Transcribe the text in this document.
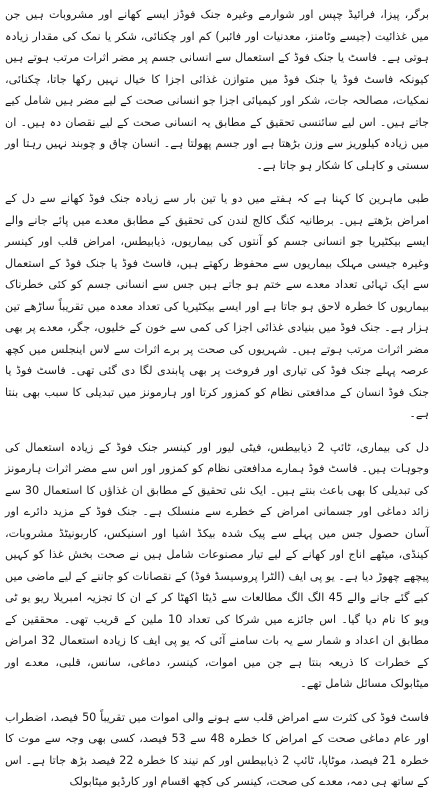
برگر، پیزا، فرائیڈ چپس اور شوارمے وغیرہ جنک فوڈز ایسے کھانے اور مشروبات ہیں جن میں غذائیت (جیسے وٹامنز، معدنیات اور فائبر) کم اور چکنائی، شکر یا نمک کی مقدار زیادہ ہوتی ہے۔ فاسٹ یا جنک فوڈ کے استعمال سے انسانی جسم پر مضر اثرات مرتب ہوتے ہیں کیونکہ فاسٹ فوڈ یا جنک فوڈ میں متوازن غذائی اجزا کا خیال نہیں رکھا جاتا، چکنائی، نمکیات، مصالحہ جات، شکر اور کیمیائی اجزا جو انسانی صحت کے لیے مضر ہیں شامل کیے جاتے ہیں۔ اس لیے سائنسی تحقیق کے مطابق یہ انسانی صحت کے لیے نقصان دہ ہیں۔ ان میں زیادہ کیلوریز سے وزن بڑھتا ہے اور جسم پھولتا ہے۔ انسان چاق و چوبند نہیں رہتا اور سستی و کاہلی کا شکار ہو جاتا ہے۔

طبی ماہرین کا کہنا ہے کہ ہفتے میں دو یا تین بار سے زیادہ جنک فوڈ کھانے سے دل کے امراض بڑھتے ہیں۔ برطانیہ کنگ کالج لندن کی تحقیق کے مطابق معدے میں پائے جانے والے ایسے بیکٹیریا جو انسانی جسم کو آنتوں کی بیماریوں، ذیابیطس، امراض قلب اور کینسر وغیرہ جیسی مہلک بیماریوں سے محفوظ رکھتے ہیں، فاسٹ فوڈ یا جنک فوڈ کے استعمال سے ایک تہائی تعداد معدے سے ختم ہو جاتے ہیں جس سے انسانی جسم کو کئی خطرناک بیماریوں کا خطرہ لاحق ہو جاتا ہے اور ایسے بیکٹیریا کی تعداد معدہ میں تقریباً ساڑھے تین ہزار ہے۔ جنک فوڈ میں بنیادی غذائی اجزا کی کمی سے خون کے خلیوں، جگر، معدے پر بھی مضر اثرات مرتب ہوتے ہیں۔ شہریوں کی صحت پر برے اثرات سے لاس اینجلس میں کچھ عرصہ پہلے جنک فوڈ کی تیاری اور فروخت پر بھی پابندی لگا دی گئی تھی۔ فاسٹ فوڈ یا جنک فوڈ انسان کے مدافعتی نظام کو کمزور کرتا اور ہارمونز میں تبدیلی کا سبب بھی بنتا ہے۔

دل کی بیماری، ٹائپ 2 ذیابیطس، فیٹی لیور اور کینسر جنک فوڈ کے زیادہ استعمال کی وجوہات ہیں۔ فاسٹ فوڈ ہمارے مدافعتی نظام کو کمزور اور اس سے مضر اثرات ہارمونز کی تبدیلی کا بھی باعث بنتے ہیں۔ ایک نئی تحقیق کے مطابق ان غذاؤں کا استعمال 30 سے زائد دماغی اور جسمانی امراض کے خطرے سے منسلک ہے۔ جنک فوڈ کے مزید دائرے اور آسان حصول جس میں پہلے سے پیک شدہ بیکڈ اشیا اور اسنیکس، کاربونیٹڈ مشروبات، کینڈی، میٹھے اناج اور کھانے کے لیے تیار مصنوعات شامل ہیں نے صحت بخش غذا کو کہیں پیچھے چھوڑ دیا ہے۔ یو پی ایف (الٹرا پروسیسڈ فوڈ) کے نقصانات کو جاننے کے لیے ماضی میں کیے گئے جانے والے 45 الگ الگ مطالعات سے ڈیٹا اکھٹا کر کے ان کا تجزیہ امبریلا ریو یو ٹی ویو کا نام دیا گیا۔ اس جائزے میں شرکا کی تعداد 10 ملین کے قریب تھی۔ محققین کے مطابق ان اعداد و شمار سے یہ بات سامنے آئی کہ یو پی ایف کا زیادہ استعمال 32 امراض کے خطرات کا ذریعہ بنتا ہے جن میں اموات، کینسر، دماغی، سانس، قلبی، معدے اور میٹابولک مسائل شامل تھے۔

فاسٹ فوڈ کی کثرت سے امراض قلب سے ہونے والی اموات میں تقریباً 50 فیصد، اضطراب اور عام دماغی صحت کے امراض کا خطرہ 48 سے 53 فیصد، کسی بھی وجہ سے موت کا خطرہ 21 فیصد، موٹاپا، ٹائپ 2 ذیابیطس اور کم نیند کا خطرہ 22 فیصد بڑھ جاتا ہے۔ اس کے ساتھ ہی دمہ، معدے کی صحت، کینسر کی کچھ اقسام اور کارڈیو میٹابولک
